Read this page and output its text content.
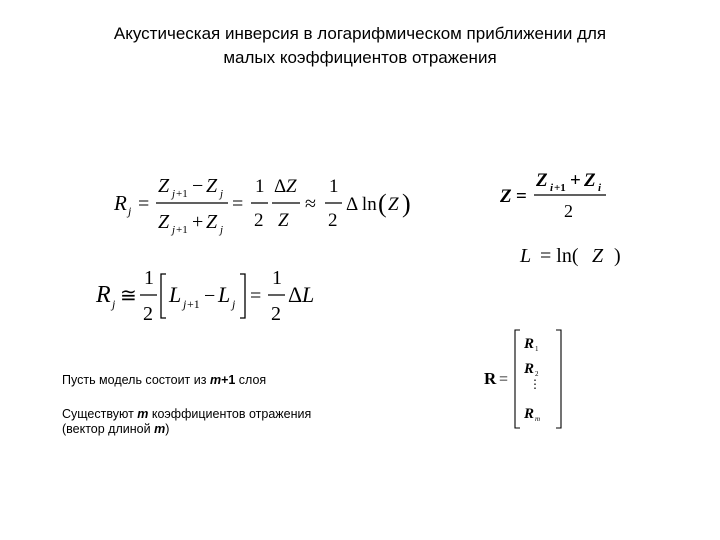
Акустическая инверсия в логарифмическом приближении для
малых коэффициентов отражения
R j =
Z j +1 − Z j
Z j +1 + Z j
=
1
2
Δ Z
Z
≈
1
2
Δ ln ( Z )
R j ≅
1
2
L j +1 − L j =
1
2
Δ L
Z =
Z i +1 + Z i
2
L = ln( Z )
R =
R 1
R 2
⋮
R m
Пусть модель состоит из m+1 слоя
Существуют m коэффициентов отражения
(вектор длиной m)
